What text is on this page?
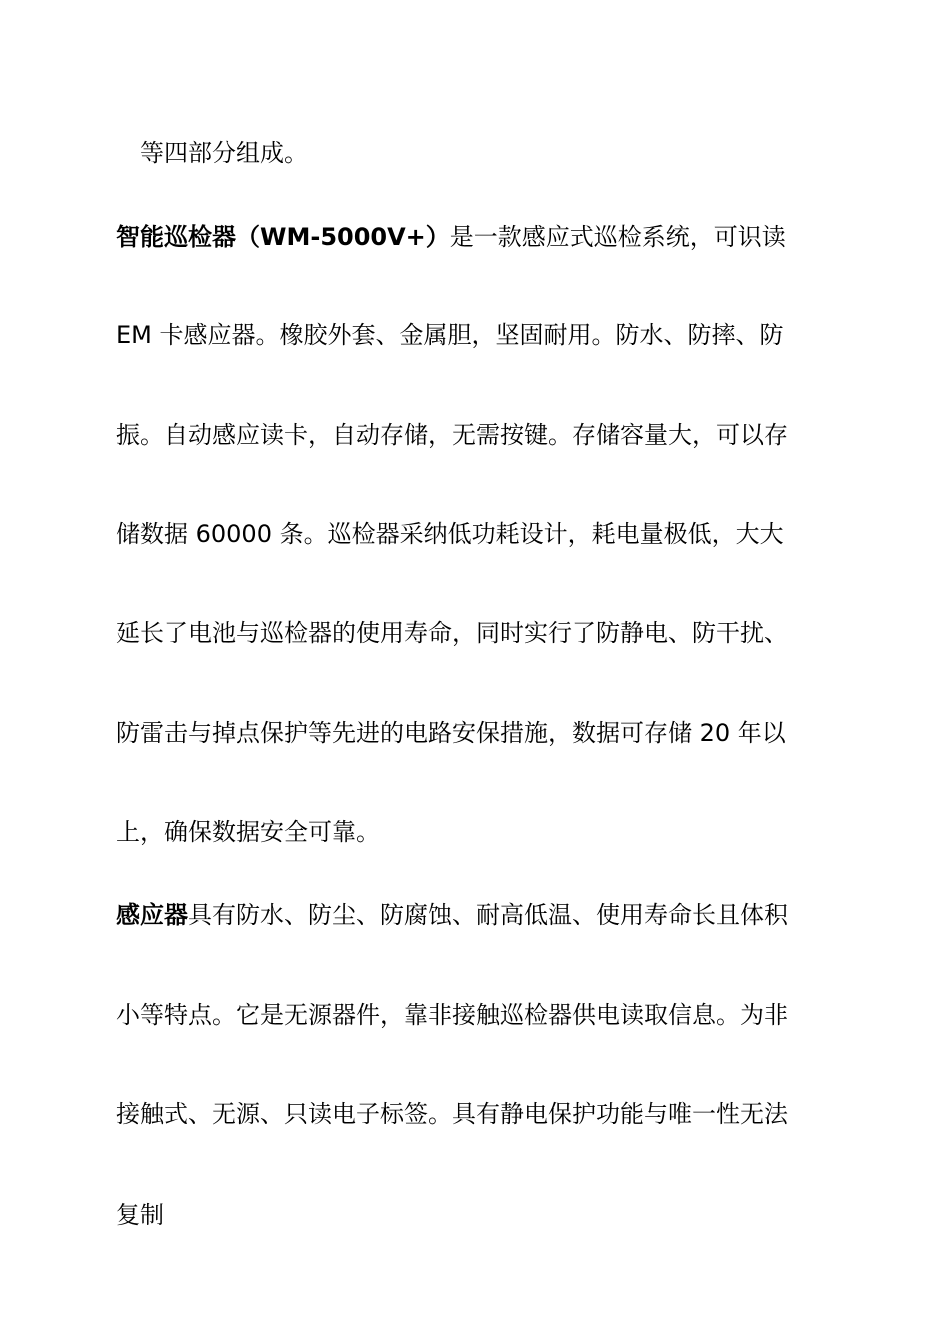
等四部分组成。
智能巡检器（WM-5000V+）是一款感应式巡检系统，可识读
EM 卡感应器。橡胶外套、金属胆，坚固耐用。防水、防摔、防
振。自动感应读卡，自动存储，无需按键。存储容量大，可以存
储数据 60000 条。巡检器采纳低功耗设计，耗电量极低，大大
延长了电池与巡检器的使用寿命，同时实行了防静电、防干扰、
防雷击与掉点保护等先进的电路安保措施，数据可存储 20 年以
上，确保数据安全可靠。
感应器具有防水、防尘、防腐蚀、耐高低温、使用寿命长且体积
小等特点。它是无源器件，靠非接触巡检器供电读取信息。为非
接触式、无源、只读电子标签。具有静电保护功能与唯一性无法
复制
